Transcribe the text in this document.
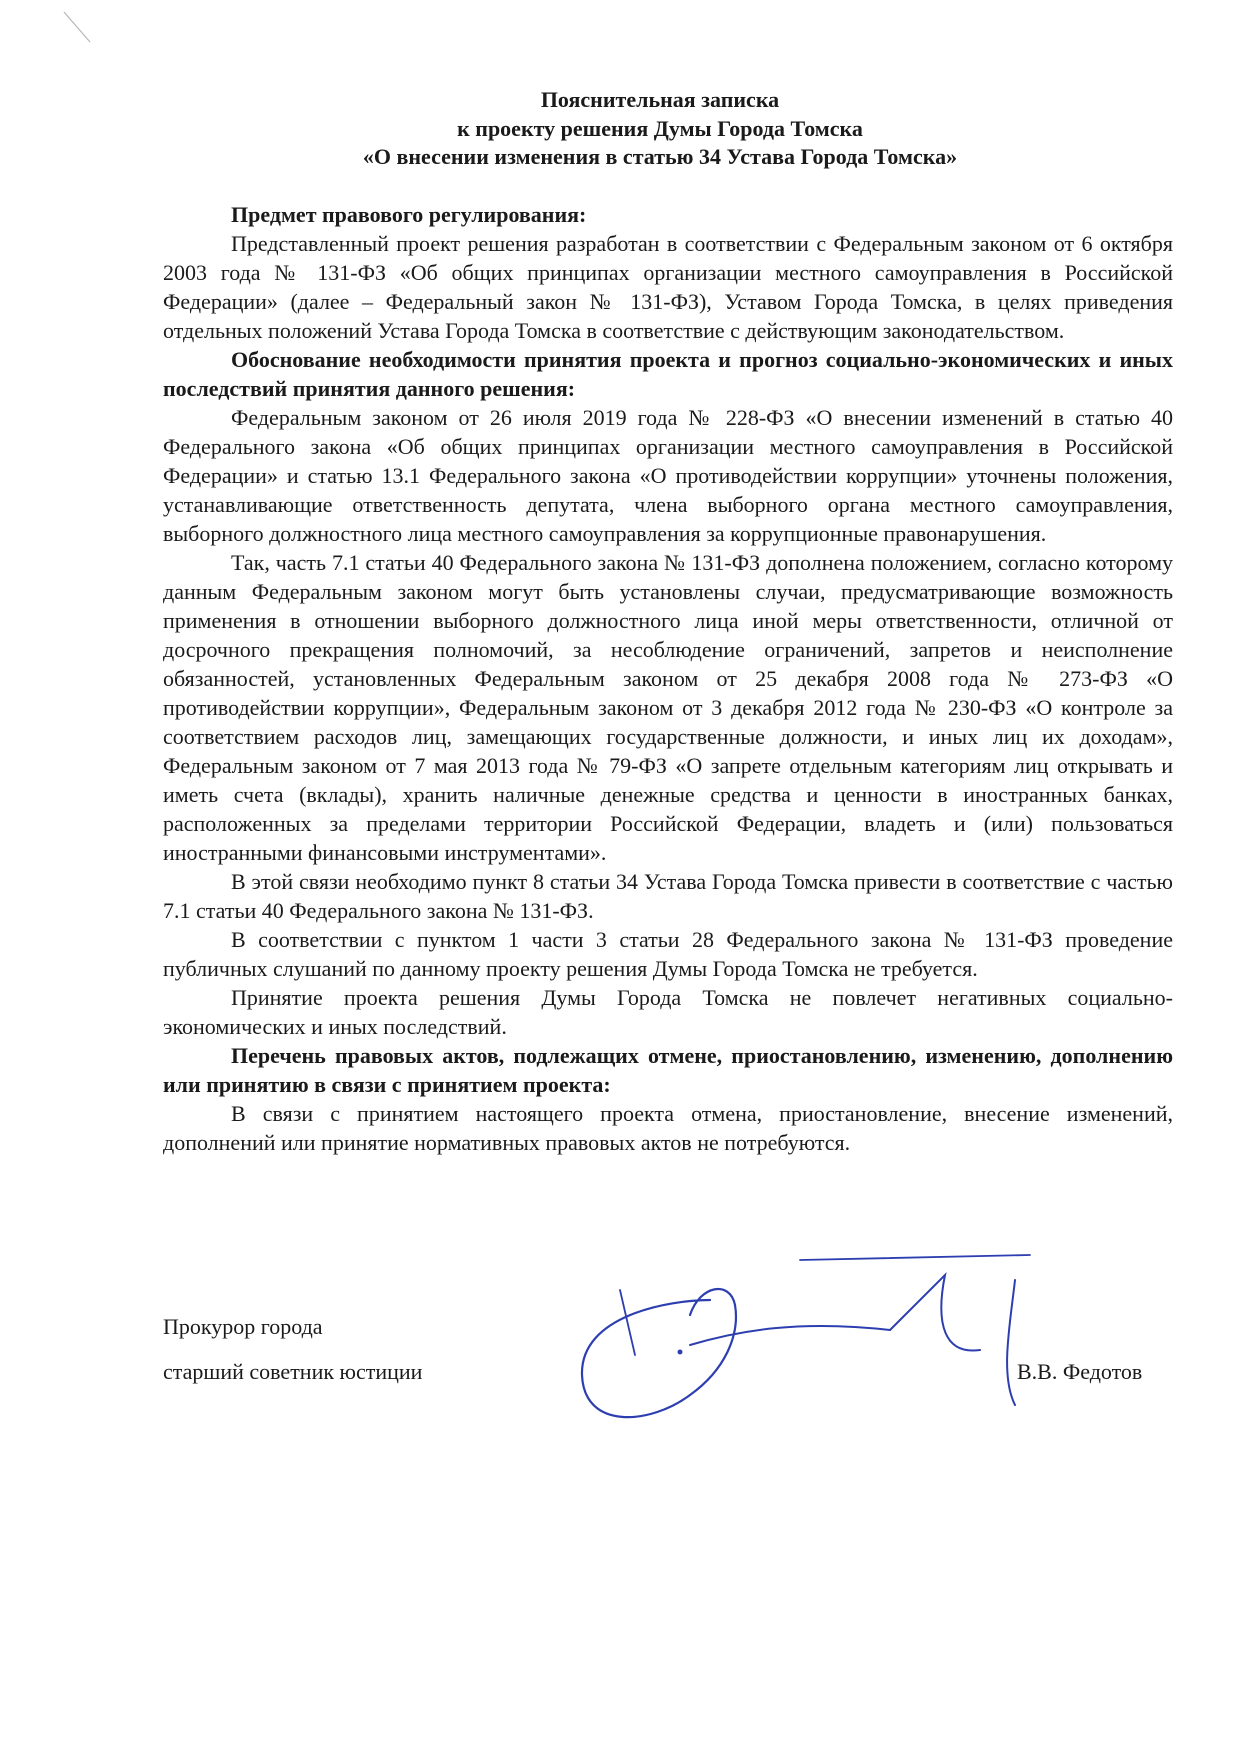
Пояснительная записка
к проекту решения Думы Города Томска
«О внесении изменения в статью 34 Устава Города Томска»

Предмет правового регулирования:

Представленный проект решения разработан в соответствии с Федеральным законом от 6 октября 2003 года № 131-ФЗ «Об общих принципах организации местного самоуправления в Российской Федерации» (далее – Федеральный закон № 131-ФЗ), Уставом Города Томска, в целях приведения отдельных положений Устава Города Томска в соответствие с действующим законодательством.

Обоснование необходимости принятия проекта и прогноз социально-экономических и иных последствий принятия данного решения:

Федеральным законом от 26 июля 2019 года № 228-ФЗ «О внесении изменений в статью 40 Федерального закона «Об общих принципах организации местного самоуправления в Российской Федерации» и статью 13.1 Федерального закона «О противодействии коррупции» уточнены положения, устанавливающие ответственность депутата, члена выборного органа местного самоуправления, выборного должностного лица местного самоуправления за коррупционные правонарушения.

Так, часть 7.1 статьи 40 Федерального закона № 131-ФЗ дополнена положением, согласно которому данным Федеральным законом могут быть установлены случаи, предусматривающие возможность применения в отношении выборного должностного лица иной меры ответственности, отличной от досрочного прекращения полномочий, за несоблюдение ограничений, запретов и неисполнение обязанностей, установленных Федеральным законом от 25 декабря 2008 года № 273-ФЗ «О противодействии коррупции», Федеральным законом от 3 декабря 2012 года № 230-ФЗ «О контроле за соответствием расходов лиц, замещающих государственные должности, и иных лиц их доходам», Федеральным законом от 7 мая 2013 года № 79-ФЗ «О запрете отдельным категориям лиц открывать и иметь счета (вклады), хранить наличные денежные средства и ценности в иностранных банках, расположенных за пределами территории Российской Федерации, владеть и (или) пользоваться иностранными финансовыми инструментами».

В этой связи необходимо пункт 8 статьи 34 Устава Города Томска привести в соответствие с частью 7.1 статьи 40 Федерального закона № 131-ФЗ.

В соответствии с пунктом 1 части 3 статьи 28 Федерального закона № 131-ФЗ проведение публичных слушаний по данному проекту решения Думы Города Томска не требуется.

Принятие проекта решения Думы Города Томска не повлечет негативных социально-экономических и иных последствий.

Перечень правовых актов, подлежащих отмене, приостановлению, изменению, дополнению или принятию в связи с принятием проекта:

В связи с принятием настоящего проекта отмена, приостановление, внесение изменений, дополнений или принятие нормативных правовых актов не потребуются.

Прокурор города
старший советник юстиции	В.В. Федотов
